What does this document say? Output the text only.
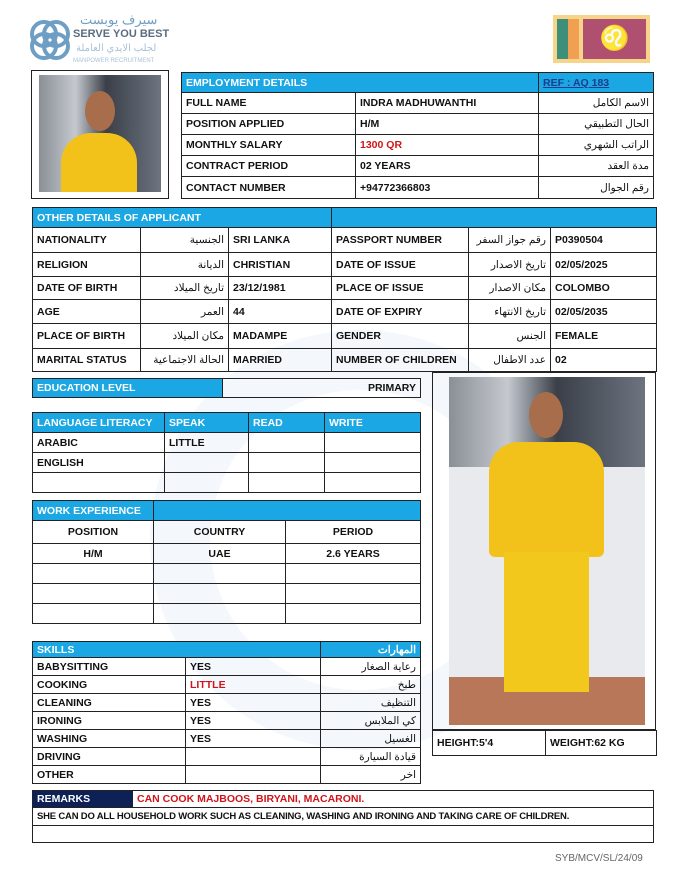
سيرف يوبست
SERVE YOU BEST
لجلب الايدي العاملة
MANPOWER RECRUITMENT
♌
EMPLOYMENT DETAILS		REF : AQ 183
FULL NAME	INDRA MADHUWANTHI	الاسم الكامل
POSITION APPLIED	H/M	الحال التطبيقي
MONTHLY SALARY	1300 QR	الراتب الشهري
CONTRACT PERIOD	02 YEARS	مدة العقد
CONTACT NUMBER	+94772366803	رقم الجوال
OTHER DETAILS OF APPLICANT					
NATIONALITY	الجنسية	SRI LANKA	PASSPORT NUMBER	رقم جواز السفر	P0390504
RELIGION	الديانة	CHRISTIAN	DATE OF ISSUE	تاريخ الاصدار	02/05/2025
DATE OF BIRTH	تاريخ الميلاد	23/12/1981	PLACE OF ISSUE	مكان الاصدار	COLOMBO
AGE	العمر	44	DATE OF EXPIRY	تاريخ الانتهاء	02/05/2035
PLACE OF BIRTH	مكان الميلاد	MADAMPE	GENDER	الجنس	FEMALE
MARITAL STATUS	الحالة الاجتماعية	MARRIED	NUMBER OF CHILDREN	عدد الاطفال	02
EDUCATION LEVEL	PRIMARY
LANGUAGE LITERACY	SPEAK	READ	WRITE
ARABIC	LITTLE		
ENGLISH			

WORK EXPERIENCE		
POSITION	COUNTRY	PERIOD
H/M	UAE	2.6 YEARS

SKILLS		المهارات
BABYSITTING	YES	رعاية الصغار
COOKING	LITTLE	طبخ
CLEANING	YES	التنظيف
IRONING	YES	كي الملابس
WASHING	YES	الغسيل
DRIVING		قيادة السيارة
OTHER		اخر
HEIGHT:5'4	WEIGHT:62 KG
REMARKS	CAN COOK MAJBOOS, BIRYANI, MACARONI.
SHE CAN DO ALL HOUSEHOLD WORK SUCH AS CLEANING, WASHING AND IRONING AND TAKING CARE OF CHILDREN.

SYB/MCV/SL/24/09
